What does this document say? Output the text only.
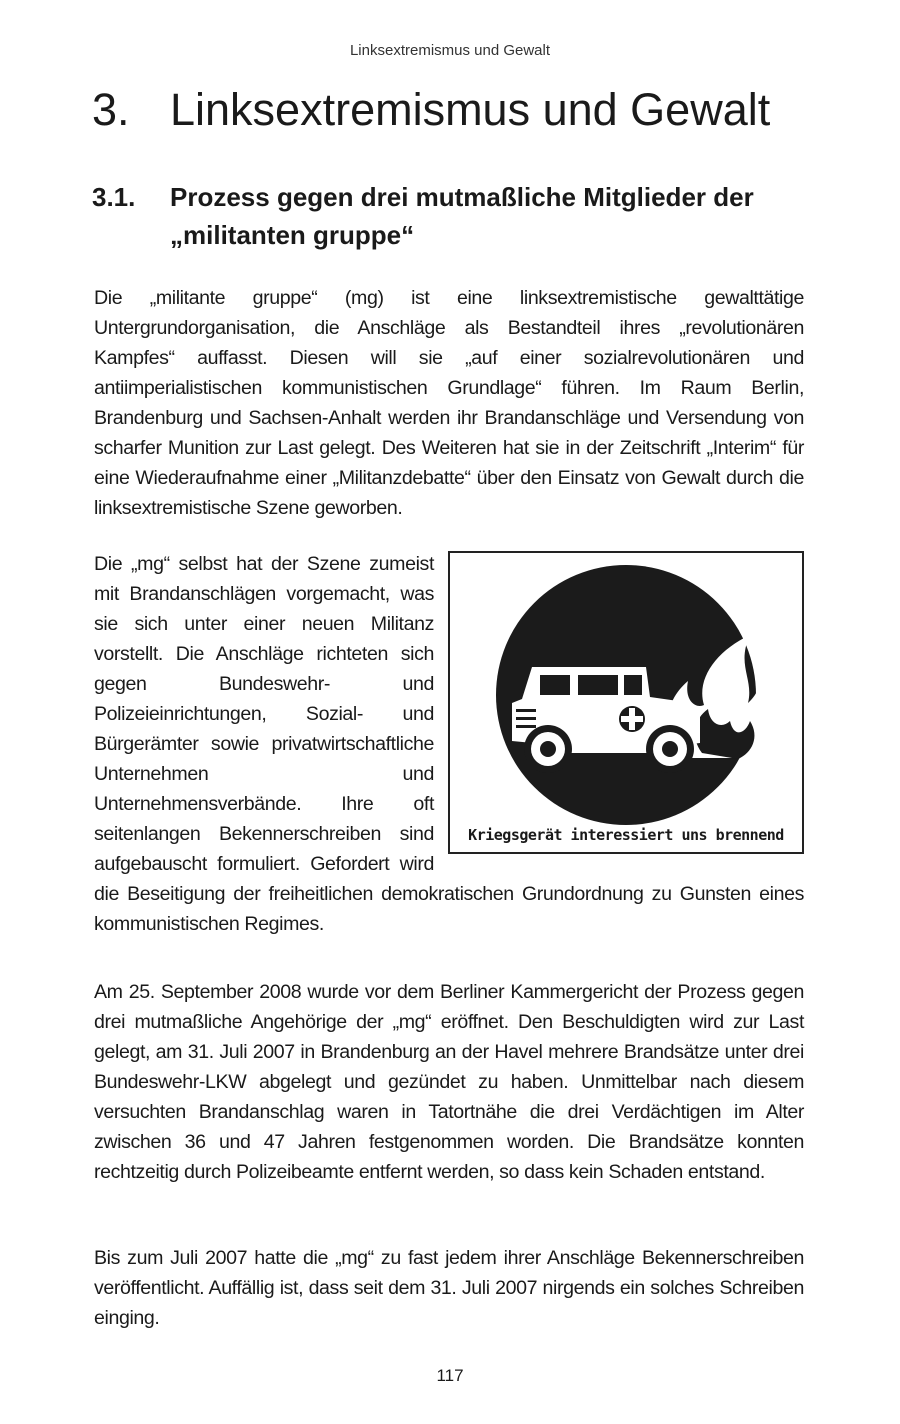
Linksextremismus und Gewalt
3. Linksextremismus und Gewalt
3.1. Prozess gegen drei mutmaßliche Mitglieder der „militanten gruppe“

Die „militante gruppe“ (mg) ist eine linksextremistische gewalttätige Untergrundorganisation, die Anschläge als Bestandteil ihres „revolutionären Kampfes“ auffasst. Diesen will sie „auf einer sozialrevolutionären und antiimperialistischen kommunistischen Grundlage“ führen. Im Raum Berlin, Brandenburg und Sachsen-Anhalt werden ihr Brandanschläge und Versendung von scharfer Munition zur Last gelegt. Des Weiteren hat sie in der Zeitschrift „Interim“ für eine Wiederaufnahme einer „Militanzdebatte“ über den Einsatz von Gewalt durch die linksextremistische Szene geworben.

Kriegsgerät interessiert uns brennend

Die „mg“ selbst hat der Szene zumeist mit Brandanschlägen vorgemacht, was sie sich unter einer neuen Militanz vorstellt. Die Anschläge richteten sich gegen Bundeswehr- und Polizeieinrichtungen, Sozial- und Bürgerämter sowie privatwirtschaftliche Unternehmen und Unternehmensverbände. Ihre oft seitenlangen Bekennerschreiben sind aufgebauscht formuliert. Gefordert wird die Beseitigung der freiheitlichen demokratischen Grundordnung zu Gunsten eines kommunistischen Regimes.

Am 25. September 2008 wurde vor dem Berliner Kammergericht der Prozess gegen drei mutmaßliche Angehörige der „mg“ eröffnet. Den Beschuldigten wird zur Last gelegt, am 31. Juli 2007 in Brandenburg an der Havel mehrere Brandsätze unter drei Bundeswehr-LKW abgelegt und gezündet zu haben. Unmittelbar nach diesem versuchten Brandanschlag waren in Tatortnähe die drei Verdächtigen im Alter zwischen 36 und 47 Jahren festgenommen worden. Die Brandsätze konnten rechtzeitig durch Polizeibeamte entfernt werden, so dass kein Schaden entstand.

Bis zum Juli 2007 hatte die „mg“ zu fast jedem ihrer Anschläge Bekennerschreiben veröffentlicht. Auffällig ist, dass seit dem 31. Juli 2007 nirgends ein solches Schreiben einging.

117
